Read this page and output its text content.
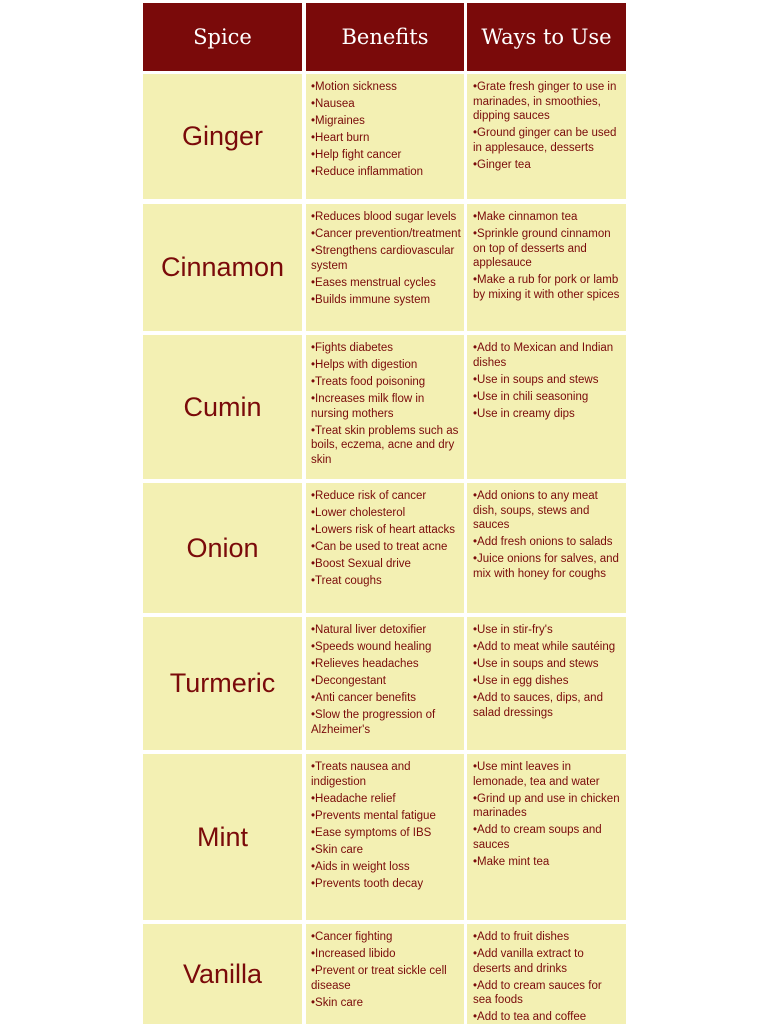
Spice	Benefits	Ways to Use
Ginger
•Motion sickness
•Nausea
•Migraines
•Heart burn
•Help fight cancer
•Reduce inflammation
•Grate fresh ginger to use in marinades, in smoothies, dipping sauces
•Ground ginger can be used in applesauce, desserts
•Ginger tea
Cinnamon
•Reduces blood sugar levels
•Cancer prevention/treatment
•Strengthens cardiovascular system
•Eases menstrual cycles
•Builds immune system
•Make cinnamon tea
•Sprinkle ground cinnamon on top of desserts and applesauce
•Make a rub for pork or lamb by mixing it with other spices
Cumin
•Fights diabetes
•Helps with digestion
•Treats food poisoning
•Increases milk flow in nursing mothers
•Treat skin problems such as boils, eczema, acne and dry skin
•Add to Mexican and Indian dishes
•Use in soups and stews
•Use in chili seasoning
•Use in creamy dips
Onion
•Reduce risk of cancer
•Lower cholesterol
•Lowers risk of heart attacks
•Can be used to treat acne
•Boost Sexual drive
•Treat coughs
•Add onions to any meat dish, soups, stews and sauces
•Add fresh onions to salads
•Juice onions for salves, and mix with honey for coughs
Turmeric
•Natural liver detoxifier
•Speeds wound healing
•Relieves headaches
•Decongestant
•Anti cancer benefits
•Slow the progression of Alzheimer's
•Use in stir-fry's
•Add to meat while sautéing
•Use in soups and stews
•Use in egg dishes
•Add to sauces, dips, and salad dressings
Mint
•Treats nausea and indigestion
•Headache relief
•Prevents mental fatigue
•Ease symptoms of IBS
•Skin care
•Aids in weight loss
•Prevents tooth decay
•Use mint leaves in lemonade, tea and water
•Grind up and use in chicken marinades
•Add to cream soups and sauces
•Make mint tea
Vanilla
•Cancer fighting
•Increased libido
•Prevent or treat sickle cell disease
•Skin care
•Add to fruit dishes
•Add vanilla extract to deserts and drinks
•Add to cream sauces for sea foods
•Add to tea and coffee
